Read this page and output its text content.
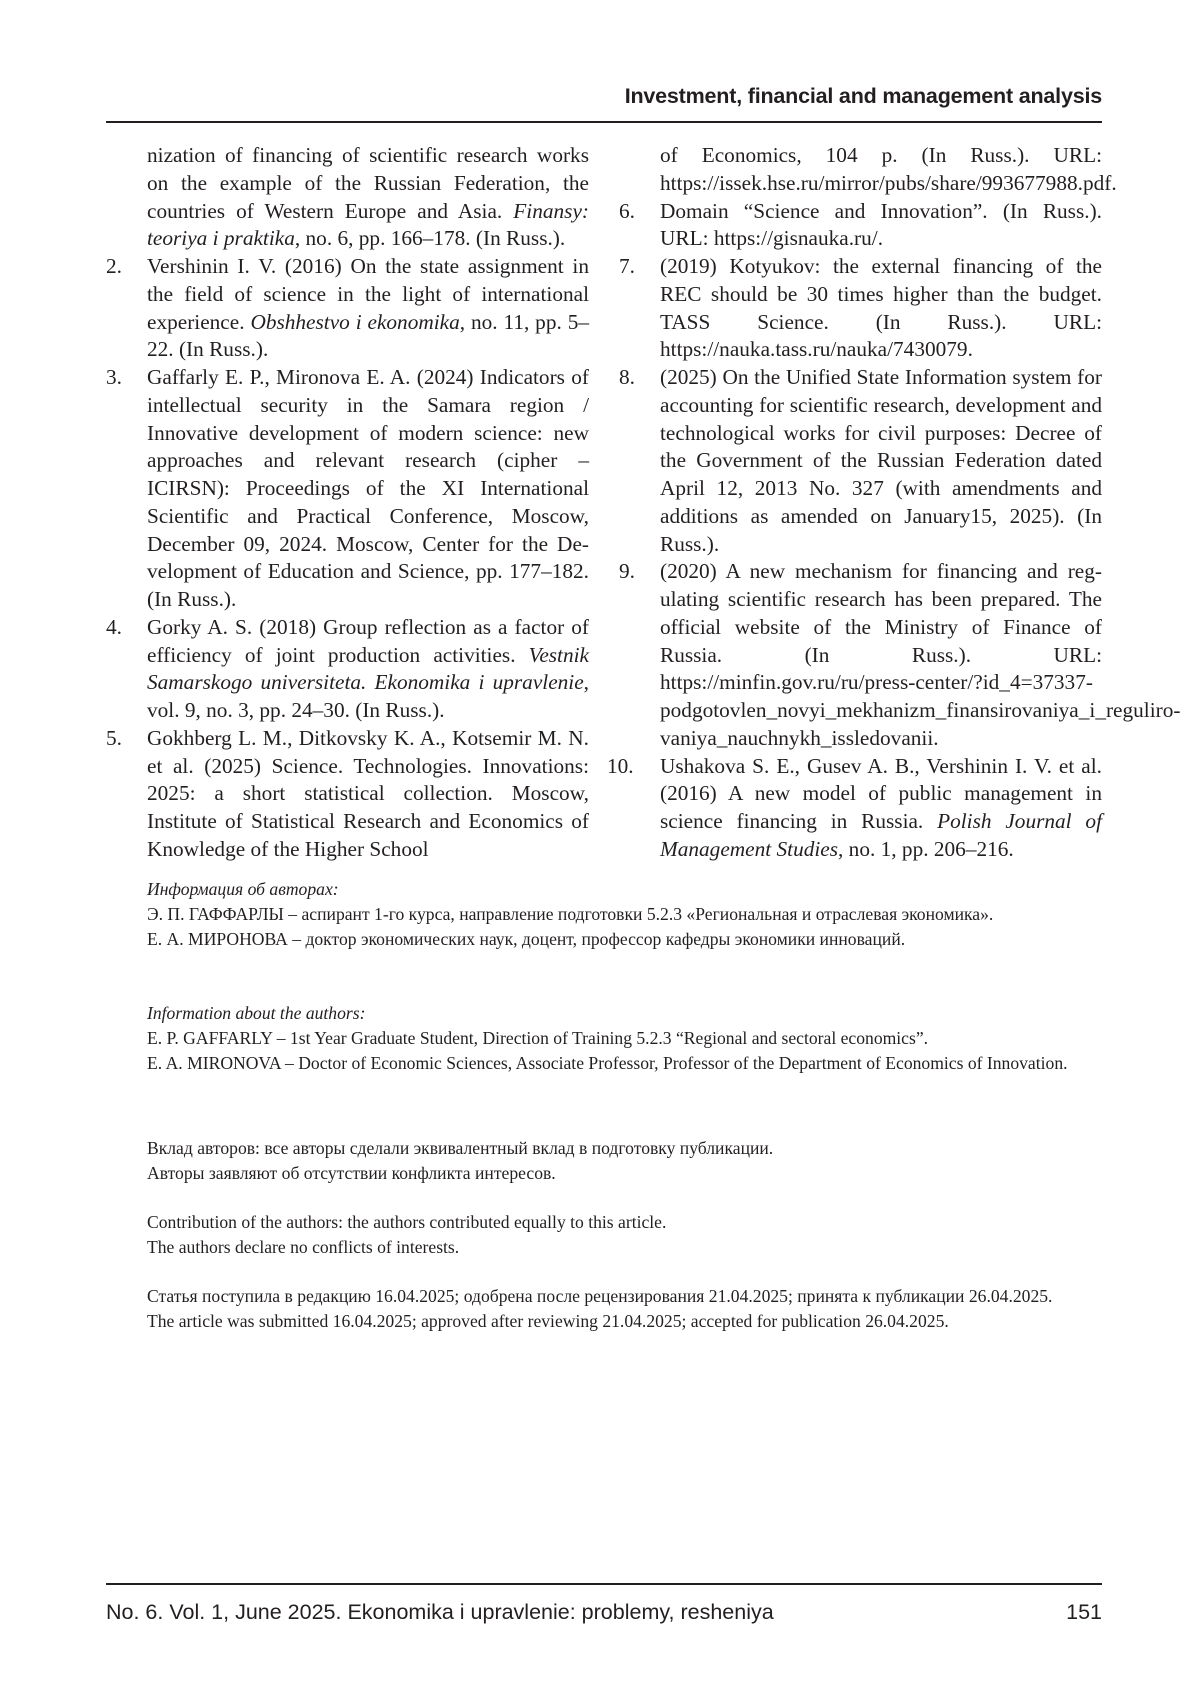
Investment, financial and management analysis
nization of financing of scientific research works on the example of the Russian Federation, the countries of Western Europe and Asia. Finansy: teoriya i praktika, no. 6, pp. 166–178. (In Russ.).
2. Vershinin I. V. (2016) On the state assignment in the field of science in the light of international experience. Obshhestvo i ekonomika, no. 11, pp. 5–22. (In Russ.).
3. Gaffarly E. P., Mironova E. A. (2024) Indicators of intellectual security in the Samara region / Innovative development of modern science: new approaches and relevant research (cipher – ICIRSN): Proceedings of the XI International Scientific and Practical Conference, Moscow, December 09, 2024. Moscow, Center for the Development of Education and Science, pp. 177–182. (In Russ.).
4. Gorky A. S. (2018) Group reflection as a factor of efficiency of joint production activities. Vestnik Samarskogo universiteta. Ekonomika i upravlenie, vol. 9, no. 3, pp. 24–30. (In Russ.).
5. Gokhberg L. M., Ditkovsky K. A., Kotsemir M. N. et al. (2025) Science. Technologies. Innovations: 2025: a short statistical collection. Moscow, Institute of Statistical Research and Economics of Knowledge of the Higher School
of Economics, 104 p. (In Russ.). URL: https://issek.hse.ru/mirror/pubs/share/993677988.pdf.
6. Domain “Science and Innovation”. (In Russ.). URL: https://gisnauka.ru/.
7. (2019) Kotyukov: the external financing of the REC should be 30 times higher than the budget. TASS Science. (In Russ.). URL: https://nauka.tass.ru/nauka/7430079.
8. (2025) On the Unified State Information system for accounting for scientific research, development and technological works for civil purposes: Decree of the Government of the Russian Federation dated April 12, 2013 No. 327 (with amendments and additions as amended on January15, 2025). (In Russ.).
9. (2020) A new mechanism for financing and regulating scientific research has been prepared. The official website of the Ministry of Finance of Russia. (In Russ.). URL: https://minfin.gov.ru/ru/press-center/?id_4=37337-podgotovlen_novyi_mekhanizm_finansirovaniya_i_regulirovaniya_nauchnykh_issledovanii.
10. Ushakova S. E., Gusev A. B., Vershinin I. V. et al. (2016) A new model of public management in science financing in Russia. Polish Journal of Management Studies, no. 1, pp. 206–216.

Информация об авторах:

Э. П. ГАФФАРЛЫ – аспирант 1-го курса, направление подготовки 5.2.3 «Региональная и отраслевая экономика».

Е. А. МИРОНОВА – доктор экономических наук, доцент, профессор кафедры экономики инноваций.

Information about the authors:

E. P. GAFFARLY – 1st Year Graduate Student, Direction of Training 5.2.3 “Regional and sectoral economics”.

E. A. MIRONOVA – Doctor of Economic Sciences, Associate Professor, Professor of the Department of Economics of Innovation.

Вклад авторов: все авторы сделали эквивалентный вклад в подготовку публикации.

Авторы заявляют об отсутствии конфликта интересов.

Contribution of the authors: the authors contributed equally to this article.

The authors declare no conflicts of interests.

Статья поступила в редакцию 16.04.2025; одобрена после рецензирования 21.04.2025; принята к публикации 26.04.2025.

The article was submitted 16.04.2025; approved after reviewing 21.04.2025; accepted for publication 26.04.2025.

No. 6. Vol. 1, June 2025. Ekonomika i upravlenie: problemy, resheniya	151
